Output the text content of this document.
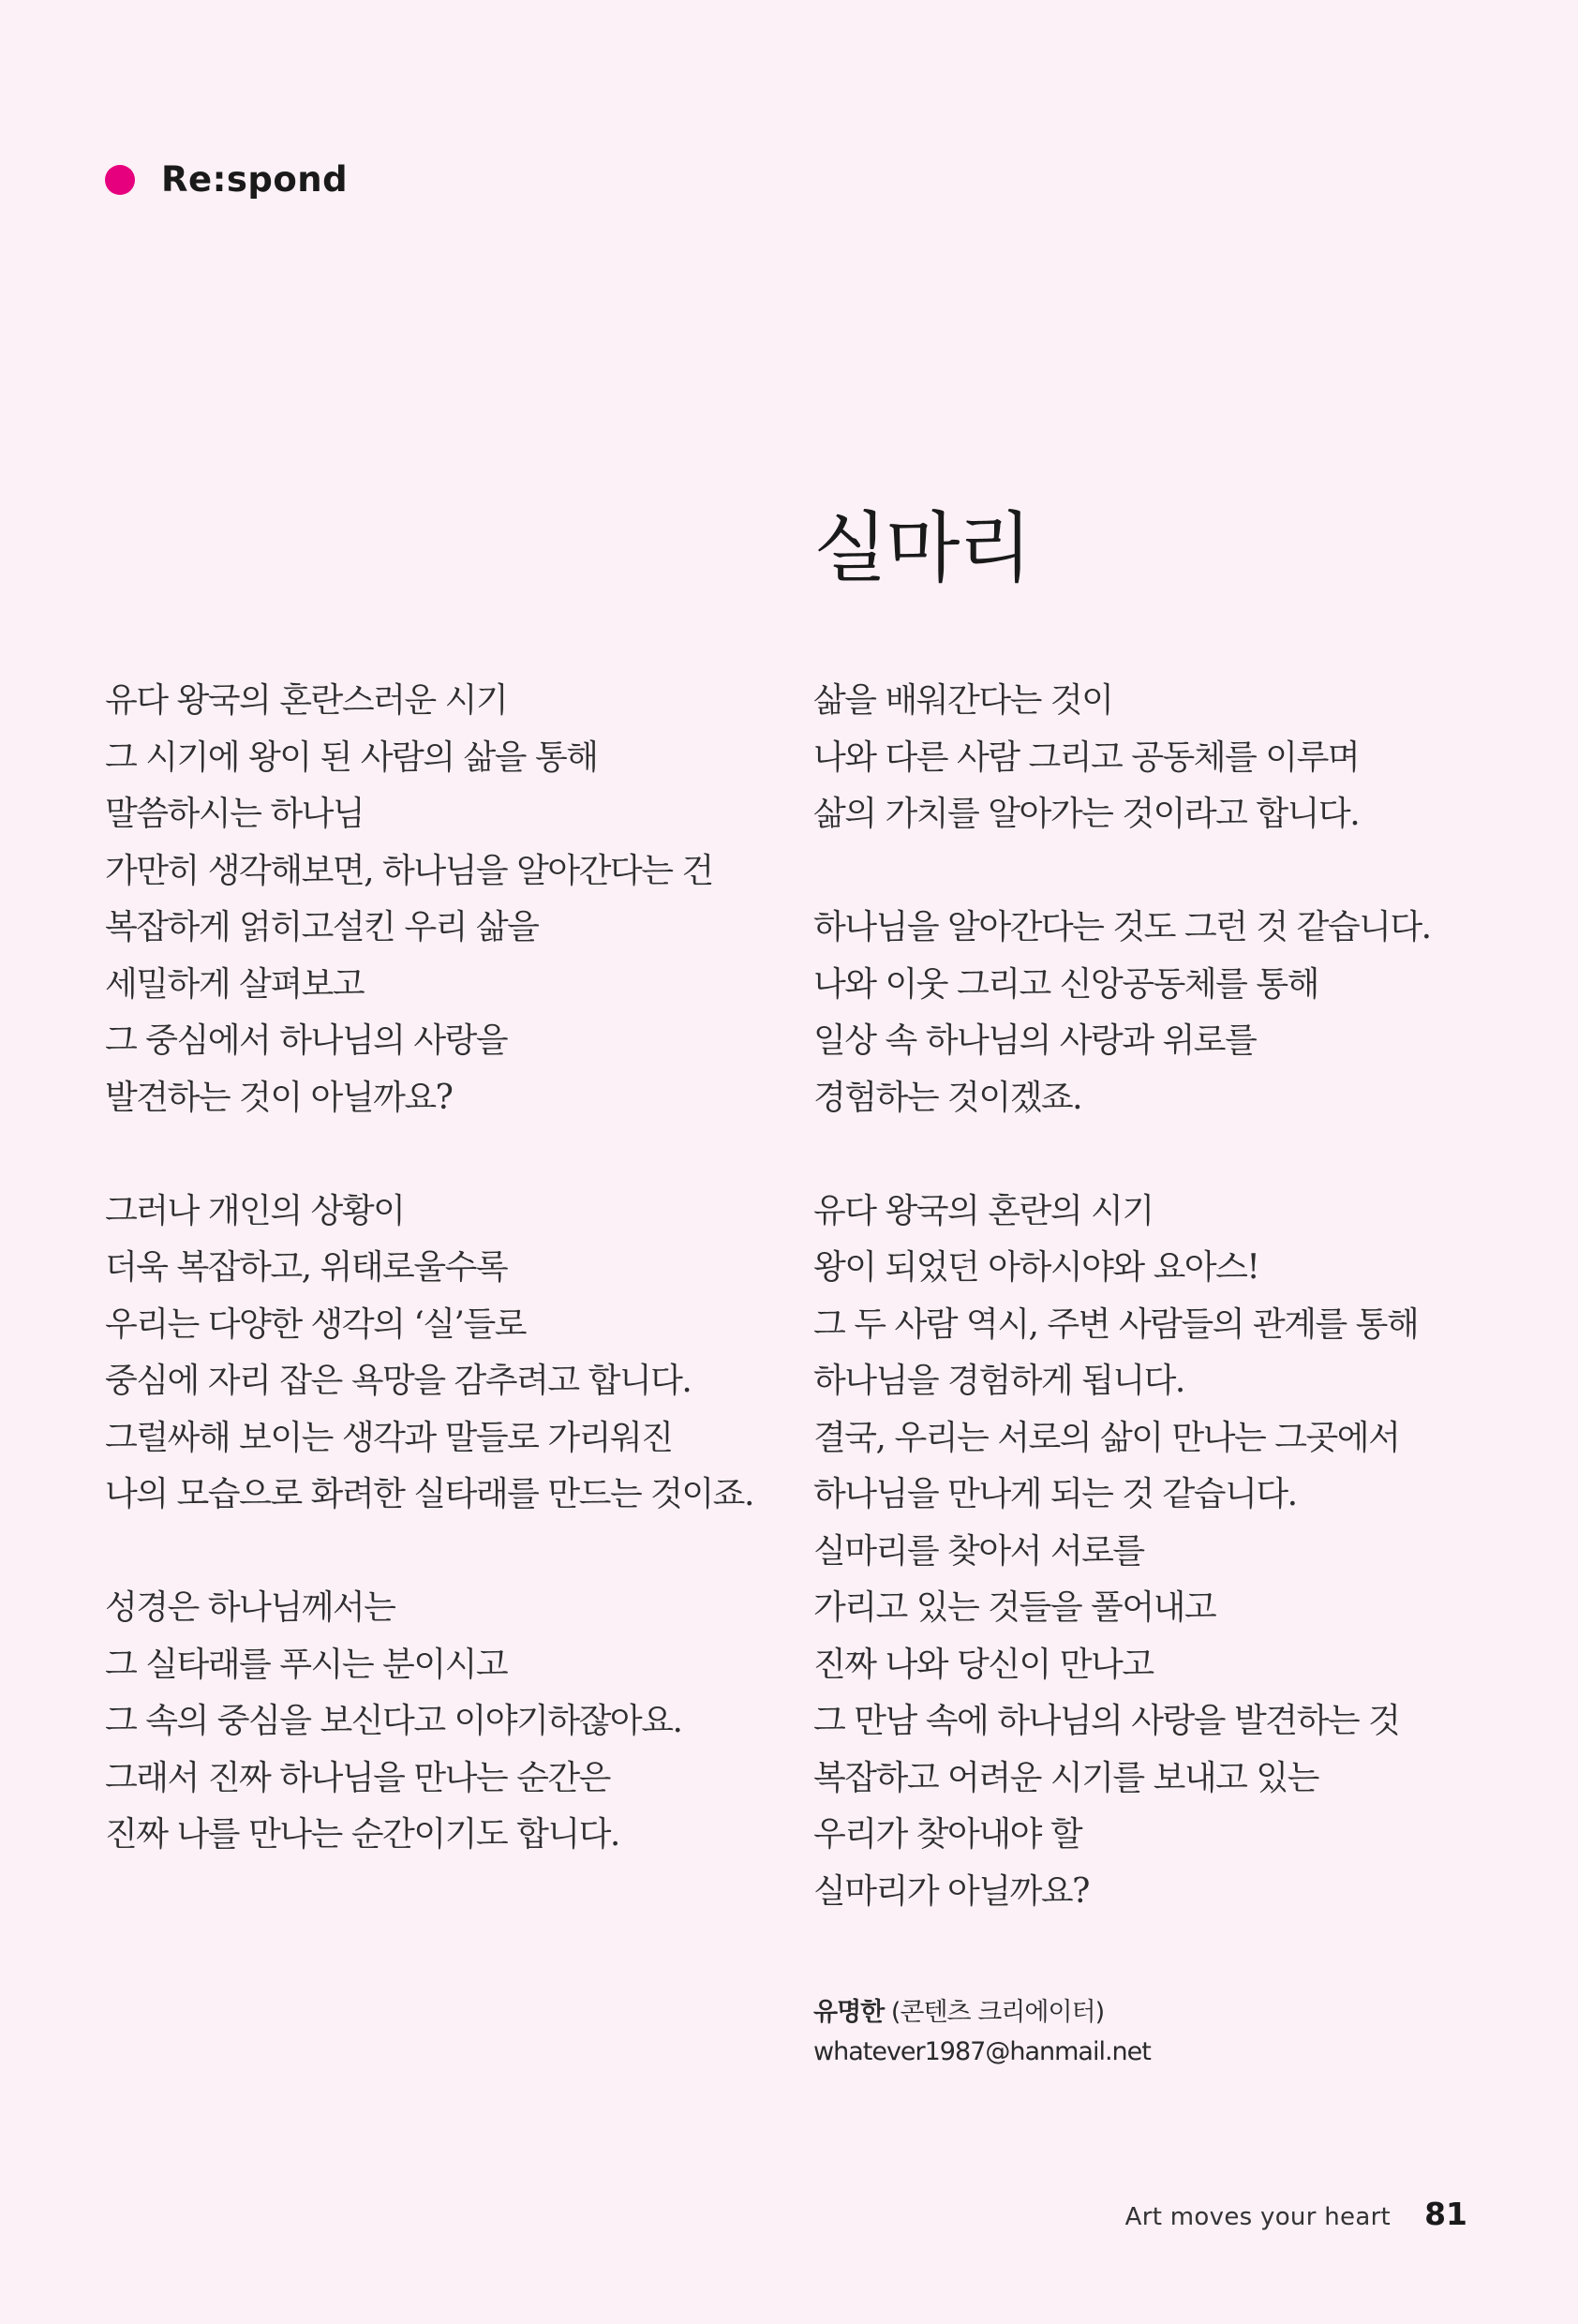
Re:spond
실마리
유다 왕국의 혼란스러운 시기
그 시기에 왕이 된 사람의 삶을 통해
말씀하시는 하나님
가만히 생각해보면, 하나님을 알아간다는 건
복잡하게 얽히고설킨 우리 삶을
세밀하게 살펴보고
그 중심에서 하나님의 사랑을
발견하는 것이 아닐까요?
그러나 개인의 상황이
더욱 복잡하고, 위태로울수록
우리는 다양한 생각의 ‘실’들로
중심에 자리 잡은 욕망을 감추려고 합니다.
그럴싸해 보이는 생각과 말들로 가리워진
나의 모습으로 화려한 실타래를 만드는 것이죠.
성경은 하나님께서는
그 실타래를 푸시는 분이시고
그 속의 중심을 보신다고 이야기하잖아요.
그래서 진짜 하나님을 만나는 순간은
진짜 나를 만나는 순간이기도 합니다.
삶을 배워간다는 것이
나와 다른 사람 그리고 공동체를 이루며
삶의 가치를 알아가는 것이라고 합니다.
하나님을 알아간다는 것도 그런 것 같습니다.
나와 이웃 그리고 신앙공동체를 통해
일상 속 하나님의 사랑과 위로를
경험하는 것이겠죠.
유다 왕국의 혼란의 시기
왕이 되었던 아하시야와 요아스!
그 두 사람 역시, 주변 사람들의 관계를 통해
하나님을 경험하게 됩니다.
결국, 우리는 서로의 삶이 만나는 그곳에서
하나님을 만나게 되는 것 같습니다.
실마리를 찾아서 서로를
가리고 있는 것들을 풀어내고
진짜 나와 당신이 만나고
그 만남 속에 하나님의 사랑을 발견하는 것
복잡하고 어려운 시기를 보내고 있는
우리가 찾아내야 할
실마리가 아닐까요?
유명한 (콘텐츠 크리에이터)
whatever1987@hanmail.net
Art moves your heart 81
